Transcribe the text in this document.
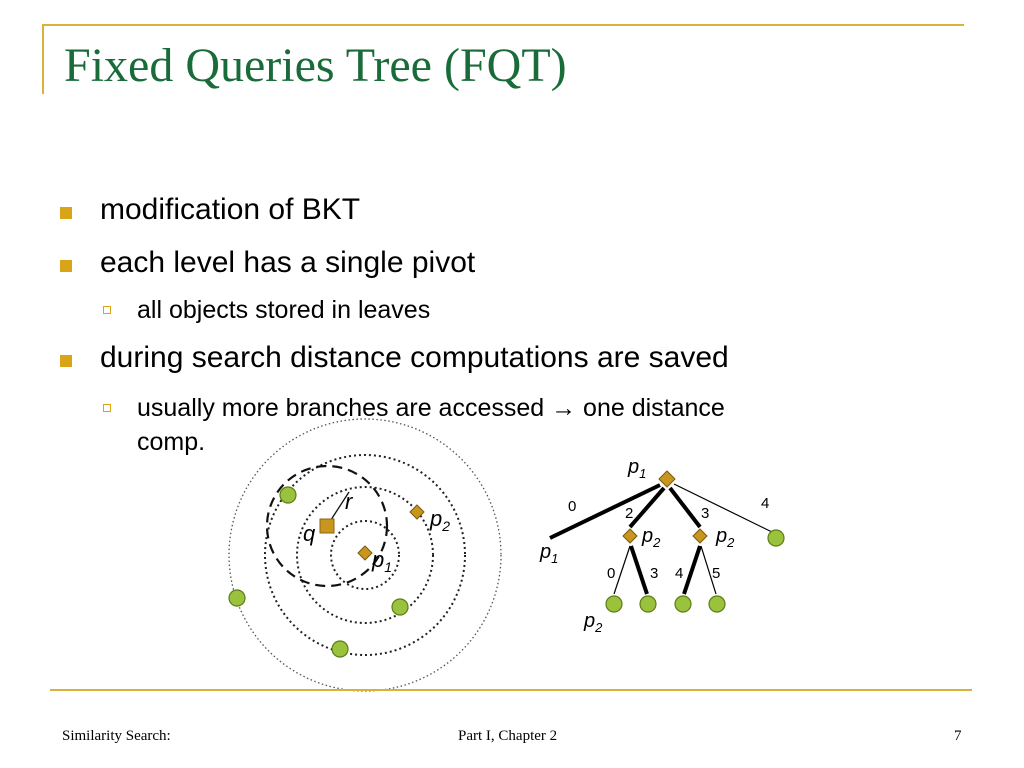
Fixed Queries Tree (FQT)
modification of BKT
each level has a single pivot
all objects stored in leaves
during search distance computations are saved
usually more branches are accessed → one distance
comp.
r
q
$p_2$
$p_1$
$p_1$
0	2	3
4
$p_1$
$p_2$	$p_2$
0 3 4 5
$p_2$
Similarity Search:	Part I, Chapter 2	7
